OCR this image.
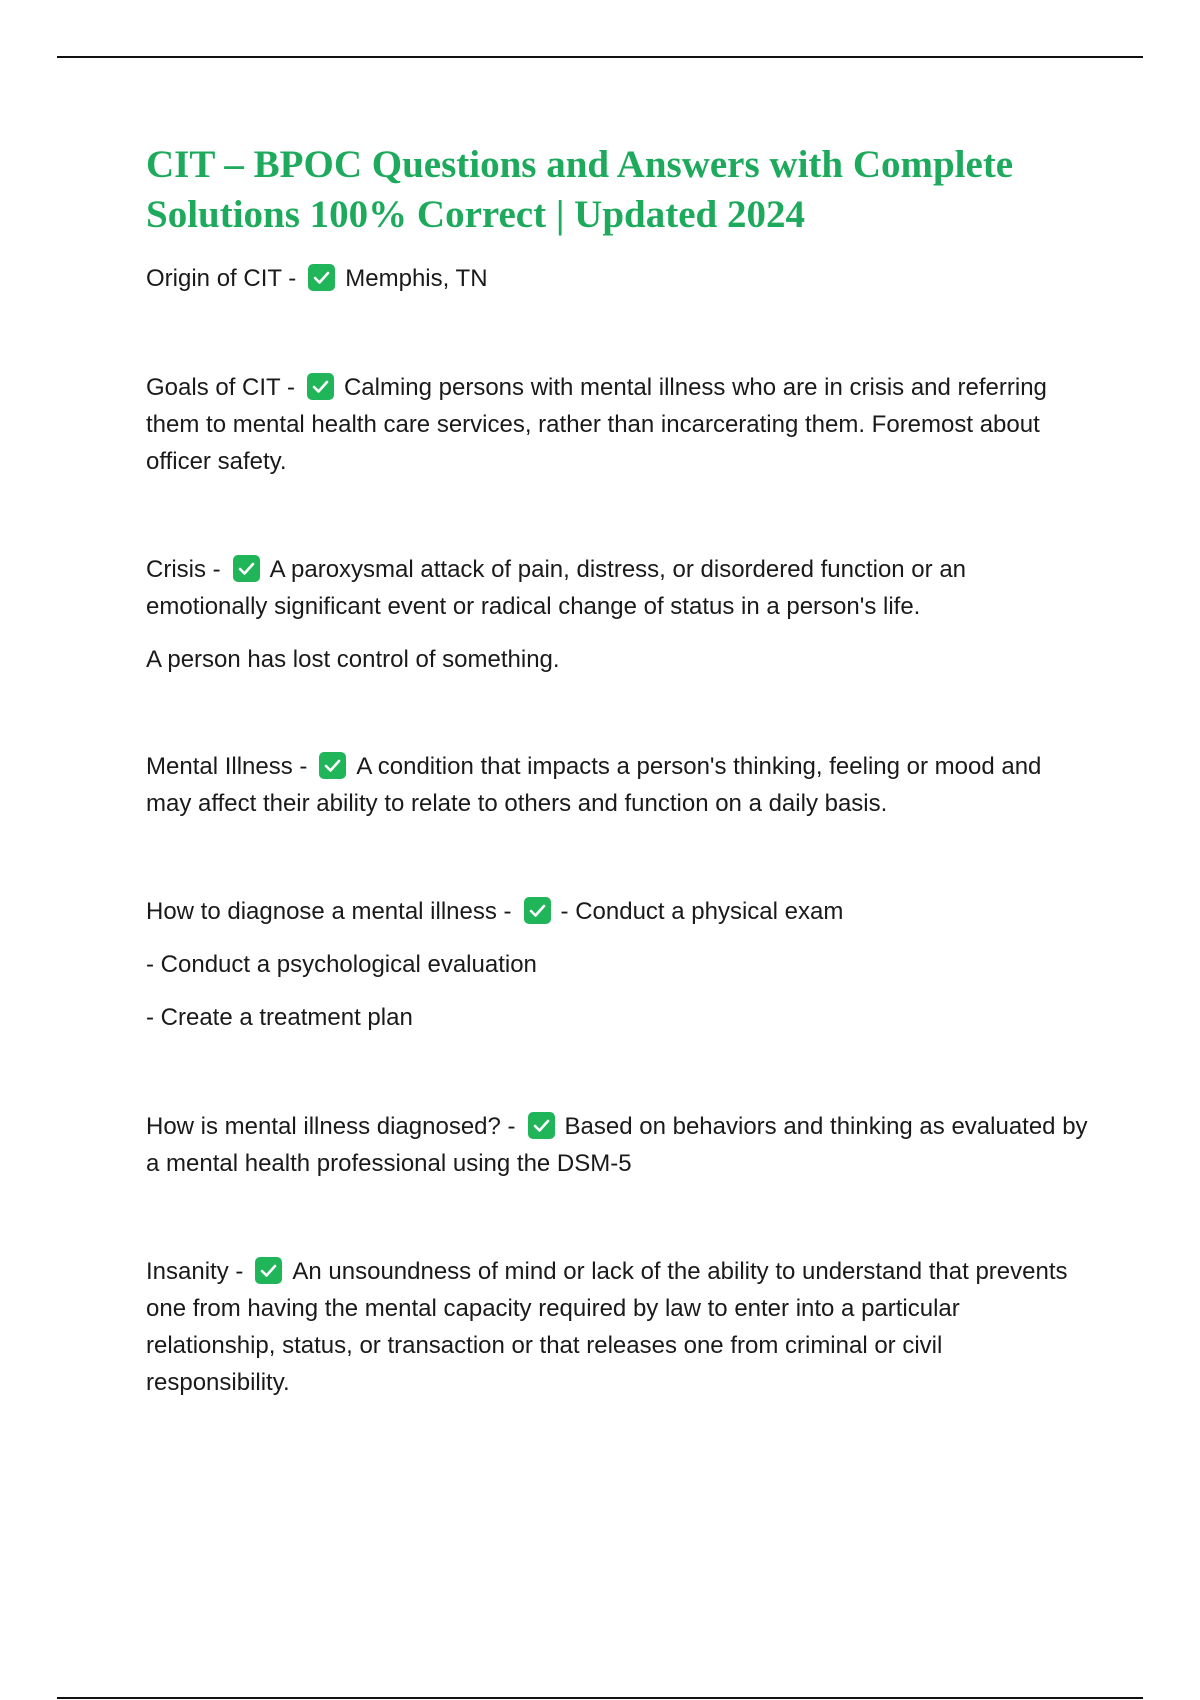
CIT – BPOC Questions and Answers with Complete Solutions 100% Correct | Updated 2024

Origin of CIT - Memphis, TN

Goals of CIT - Calming persons with mental illness who are in crisis and referring them to mental health care services, rather than incarcerating them. Foremost about officer safety.

Crisis - A paroxysmal attack of pain, distress, or disordered function or an emotionally significant event or radical change of status in a person's life.

A person has lost control of something.

Mental Illness - A condition that impacts a person's thinking, feeling or mood and may affect their ability to relate to others and function on a daily basis.

How to diagnose a mental illness - - Conduct a physical exam

- Conduct a psychological evaluation

- Create a treatment plan

How is mental illness diagnosed? - Based on behaviors and thinking as evaluated by a mental health professional using the DSM-5

Insanity - An unsoundness of mind or lack of the ability to understand that prevents one from having the mental capacity required by law to enter into a particular relationship, status, or transaction or that releases one from criminal or civil responsibility.
